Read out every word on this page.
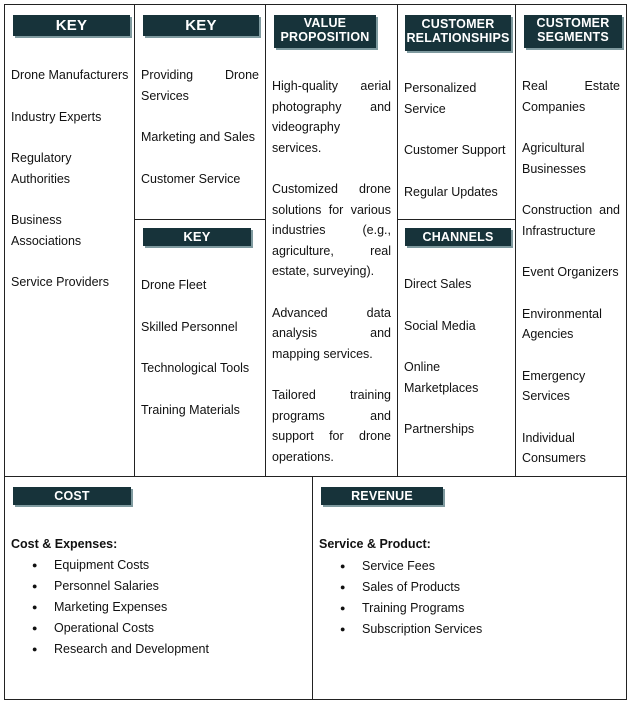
KEY PARTNERS
Drone Manufacturers
Industry Experts
Regulatory Authorities
Business Associations
Service Providers
KEY ACTIVITIES
Providing Drone Services
Marketing and Sales
Customer Service
KEY RESOURCES
Drone Fleet
Skilled Personnel
Technological Tools
Training Materials
VALUE
PROPOSITION
High-quality aerial photography and videography services.
Customized drone solutions for various industries (e.g., agriculture, real estate, surveying).
Advanced data analysis and mapping services.
Tailored training programs and support for drone operations.
CUSTOMER
RELATIONSHIPS
Personalized Service
Customer Support
Regular Updates
CHANNELS
Direct Sales
Social Media
Online Marketplaces
Partnerships
CUSTOMER
SEGMENTS
Real Estate Companies
Agricultural Businesses
Construction and Infrastructure
Event Organizers
Environmental Agencies
Emergency Services
Individual Consumers
COST STRUCTURE
Cost & Expenses:
● Equipment Costs
● Personnel Salaries
● Marketing Expenses
● Operational Costs
● Research and Development
REVENUE
Service & Product:
● Service Fees
● Sales of Products
● Training Programs
● Subscription Services
